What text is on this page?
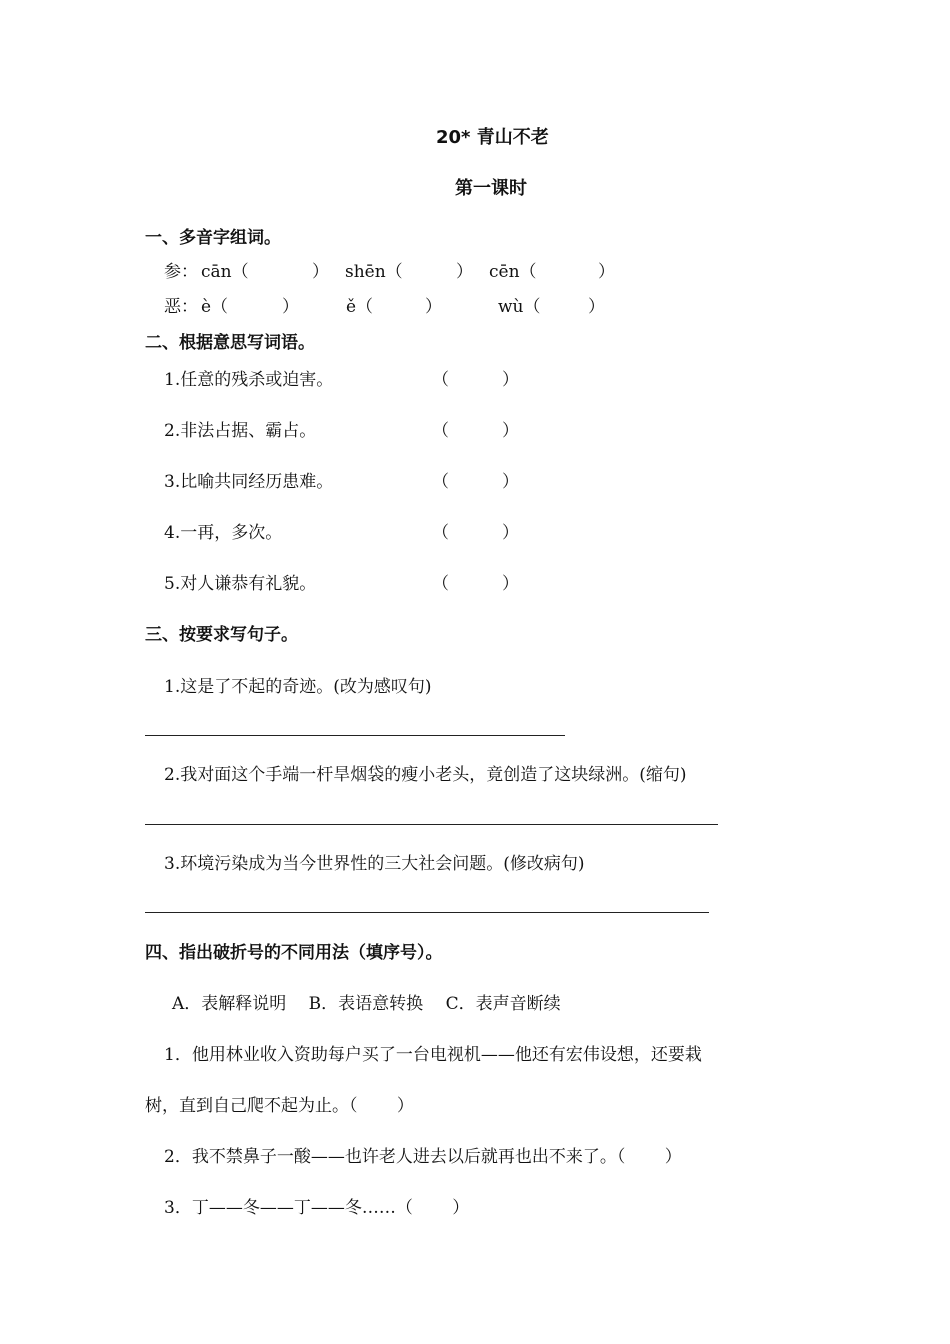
20* 青山不老
第一课时
一、多音字组词。
参： cān（	） shēn（	） cēn（	）
恶： è（	）	ě（	）	wù（	）
二、根据意思写词语。
1.任意的残杀或迫害。	（	）
2.非法占据、霸占。	（	）
3.比喻共同经历患难。	（	）
4.一再，多次。	（	）
5.对人谦恭有礼貌。	（	）
三、按要求写句子。
1.这是了不起的奇迹。(改为感叹句)
2.我对面这个手端一杆旱烟袋的瘦小老头，竟创造了这块绿洲。(缩句)
3.环境污染成为当今世界性的三大社会问题。(修改病句)
四、指出破折号的不同用法（填序号）。
A．表解释说明　 B．表语意转换　 C．表声音断续
1．他用林业收入资助每户买了一台电视机——他还有宏伟设想，还要栽
树，直到自己爬不起为止。（　　 ）
2．我不禁鼻子一酸——也许老人进去以后就再也出不来了。（　　 ）
3．丁——冬——丁——冬……（　　 ）
